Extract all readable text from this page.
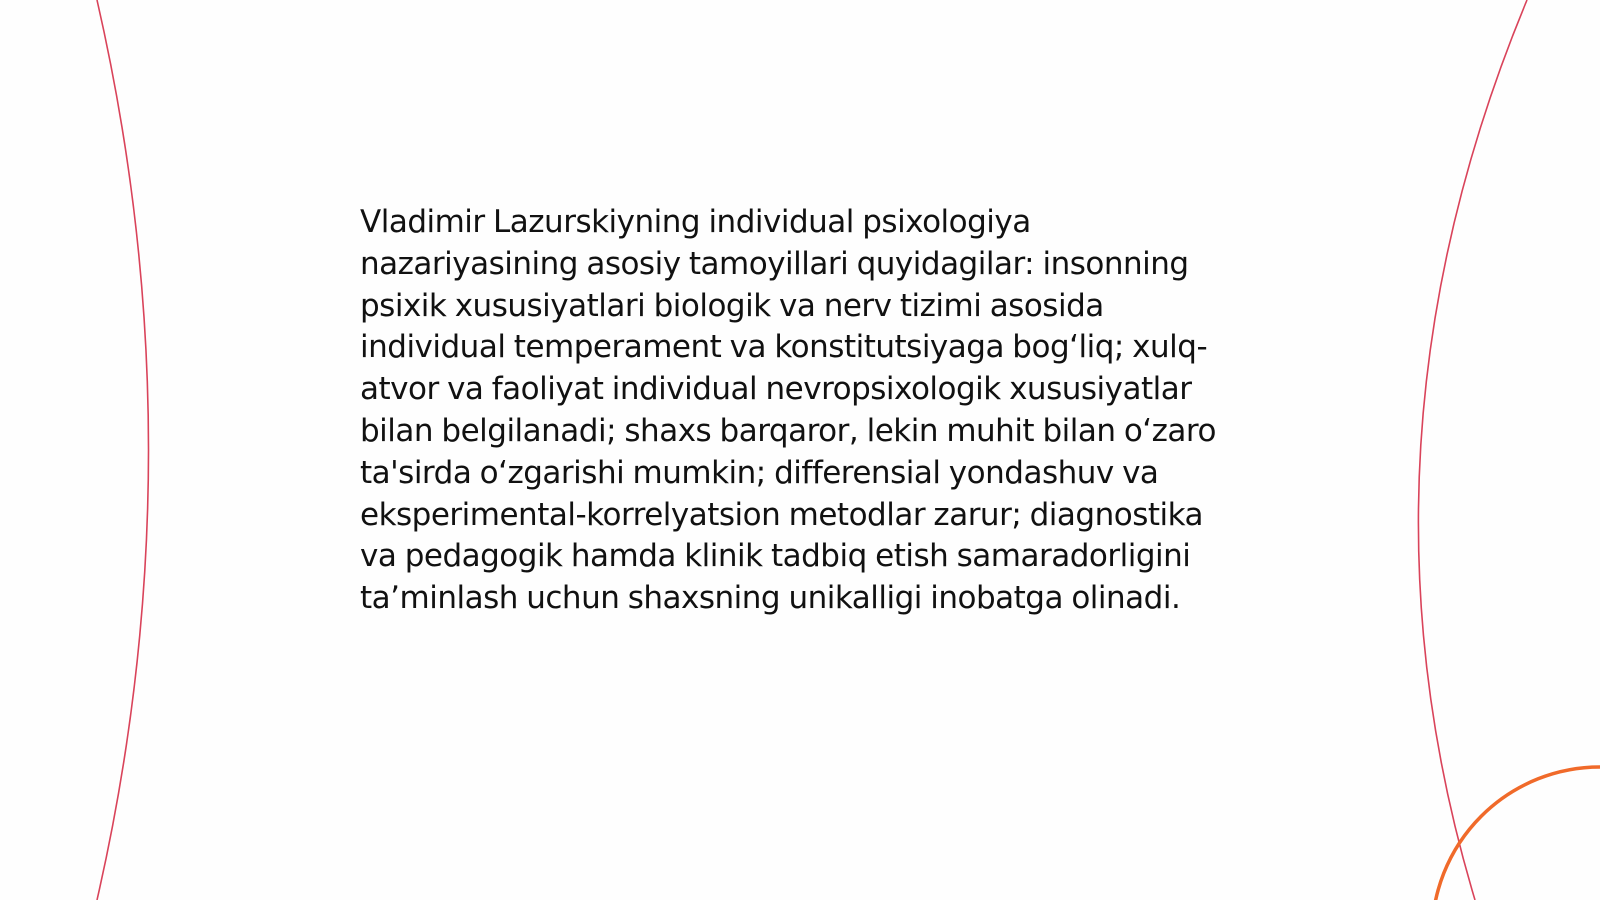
Vladimir Lazurskiyning individual psixologiya nazariyasining asosiy tamoyillari quyidagilar: insonning psixik xususiyatlari biologik va nerv tizimi asosida individual temperament va konstitutsiyaga bogʻliq; xulq-atvor va faoliyat individual nevropsixologik xususiyatlar bilan belgilanadi; shaxs barqaror, lekin muhit bilan oʻzaro ta'sirda oʻzgarishi mumkin; differensial yondashuv va eksperimental-korrelyatsion metodlar zarur; diagnostika va pedagogik hamda klinik tadbiq etish samaradorligini taʼminlash uchun shaxsning unikalligi inobatga olinadi.
